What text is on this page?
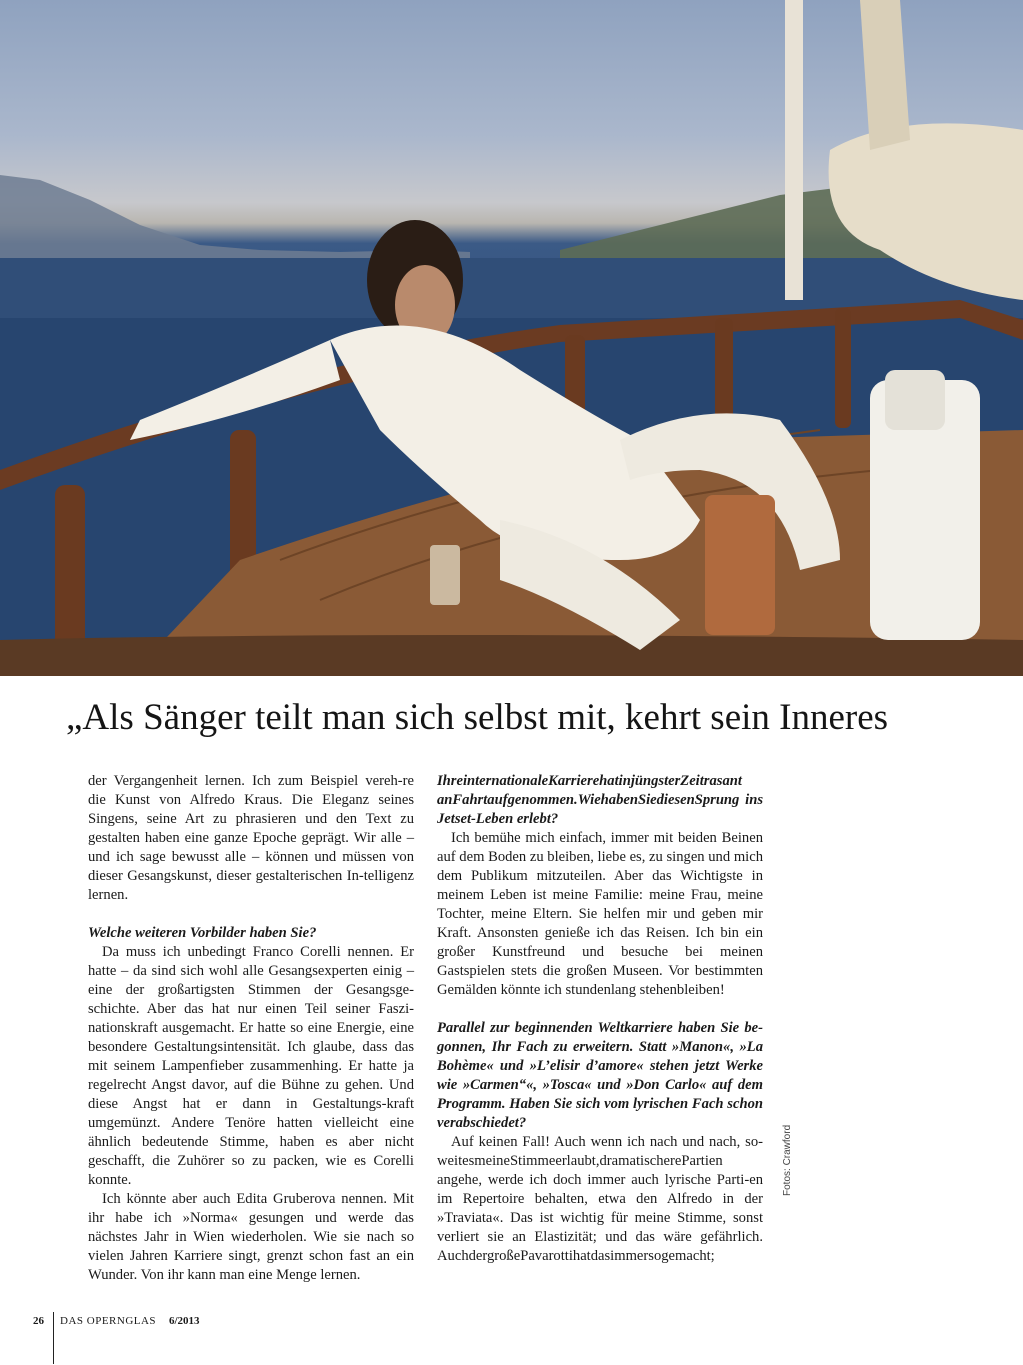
„Als Sänger teilt man sich selbst mit, kehrt sein Inneres

der Vergangenheit lernen. Ich zum Beispiel vereh-re die Kunst von Alfredo Kraus. Die Eleganz seines Singens, seine Art zu phrasieren und den Text zu gestalten haben eine ganze Epoche geprägt. Wir alle – und ich sage bewusst alle – können und müssen von dieser Gesangskunst, dieser gestalterischen In-telligenz lernen.

Welche weiteren Vorbilder haben Sie?

Da muss ich unbedingt Franco Corelli nennen. Er hatte – da sind sich wohl alle Gesangsexperten einig – eine der großartigsten Stimmen der Gesangsge-schichte. Aber das hat nur einen Teil seiner Faszi-nationskraft ausgemacht. Er hatte so eine Energie, eine besondere Gestaltungsintensität. Ich glaube, dass das mit seinem Lampenfieber zusammenhing. Er hatte ja regelrecht Angst davor, auf die Bühne zu gehen. Und diese Angst hat er dann in Gestaltungs-kraft umgemünzt. Andere Tenöre hatten vielleicht eine ähnlich bedeutende Stimme, haben es aber nicht geschafft, die Zuhörer so zu packen, wie es Corelli konnte.

Ich könnte aber auch Edita Gruberova nennen. Mit ihr habe ich »Norma« gesungen und werde das nächstes Jahr in Wien wiederholen. Wie sie nach so vielen Jahren Karriere singt, grenzt schon fast an ein Wunder. Von ihr kann man eine Menge lernen.

IhreinternationaleKarrierehatinjüngsterZeitrasant anFahrtaufgenommen.WiehabenSiediesenSprung ins Jetset-Leben erlebt?

Ich bemühe mich einfach, immer mit beiden Beinen auf dem Boden zu bleiben, liebe es, zu singen und mich dem Publikum mitzuteilen. Aber das Wichtigste in meinem Leben ist meine Familie: meine Frau, meine Tochter, meine Eltern. Sie helfen mir und geben mir Kraft. Ansonsten genieße ich das Reisen. Ich bin ein großer Kunstfreund und besuche bei meinen Gastspielen stets die großen Museen. Vor bestimmten Gemälden könnte ich stundenlang stehenbleiben!

Parallel zur beginnenden Weltkarriere haben Sie be-gonnen, Ihr Fach zu erweitern. Statt »Manon«, »La Bohème« und »L’elisir d’amore« stehen jetzt Werke wie »Carmen“«, »Tosca« und »Don Carlo« auf dem Programm. Haben Sie sich vom lyrischen Fach schon verabschiedet?

Auf keinen Fall! Auch wenn ich nach und nach, so-weitesmeineStimmeerlaubt,dramatischerePartien angehe, werde ich doch immer auch lyrische Parti-en im Repertoire behalten, etwa den Alfredo in der »Traviata«. Das ist wichtig für meine Stimme, sonst verliert sie an Elastizität; und das wäre gefährlich. AuchdergroßePavarottihatdasimmersogemacht;

Fotos: Crawford
26 DAS OPERNGLAS 6/2013
